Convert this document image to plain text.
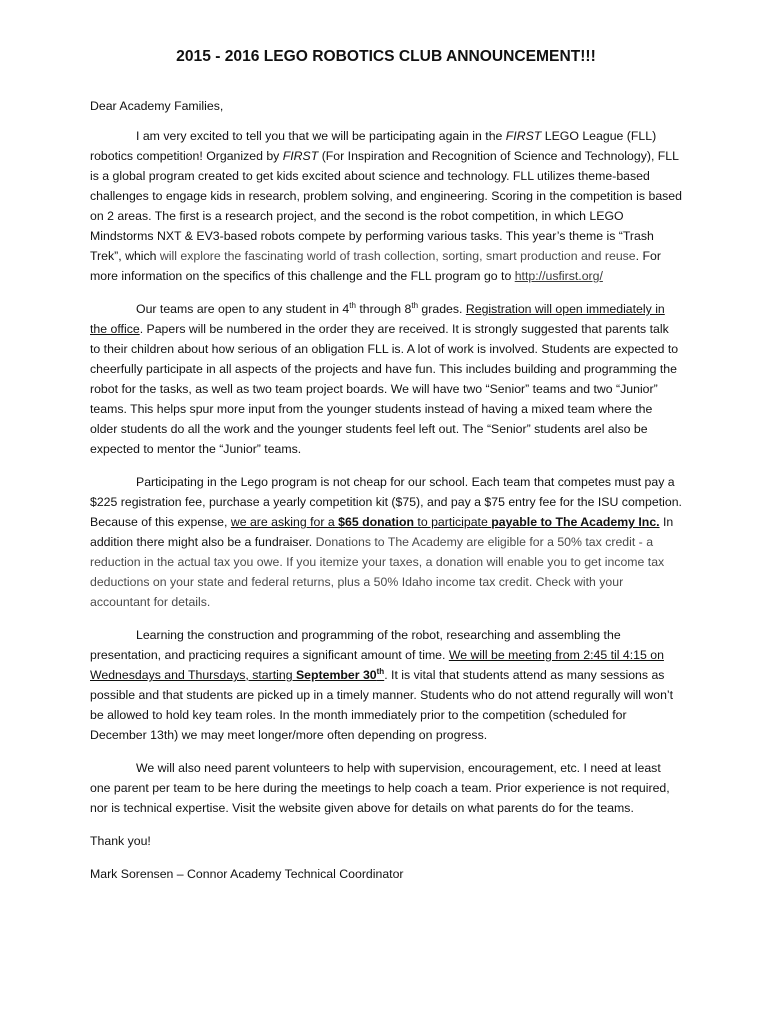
2015 - 2016 LEGO ROBOTICS CLUB ANNOUNCEMENT!!!

Dear Academy Families,

I am very excited to tell you that we will be participating again in the FIRST LEGO League (FLL) robotics competition! Organized by FIRST (For Inspiration and Recognition of Science and Technology), FLL is a global program created to get kids excited about science and technology. FLL utilizes theme-based challenges to engage kids in research, problem solving, and engineering. Scoring in the competition is based on 2 areas. The first is a research project, and the second is the robot competition, in which LEGO Mindstorms NXT & EV3-based robots compete by performing various tasks. This year’s theme is “Trash Trek”, which will explore the fascinating world of trash collection, sorting, smart production and reuse. For more information on the specifics of this challenge and the FLL program go to http://usfirst.org/

Our teams are open to any student in 4th through 8th grades. Registration will open immediately in the office. Papers will be numbered in the order they are received. It is strongly suggested that parents talk to their children about how serious of an obligation FLL is. A lot of work is involved. Students are expected to cheerfully participate in all aspects of the projects and have fun. This includes building and programming the robot for the tasks, as well as two team project boards. We will have two “Senior” teams and two “Junior” teams. This helps spur more input from the younger students instead of having a mixed team where the older students do all the work and the younger students feel left out. The “Senior” students arel also be expected to mentor the “Junior” teams.

Participating in the Lego program is not cheap for our school. Each team that competes must pay a $225 registration fee, purchase a yearly competition kit ($75), and pay a $75 entry fee for the ISU competion. Because of this expense, we are asking for a $65 donation to participate payable to The Academy Inc. In addition there might also be a fundraiser. Donations to The Academy are eligible for a 50% tax credit - a reduction in the actual tax you owe. If you itemize your taxes, a donation will enable you to get income tax deductions on your state and federal returns, plus a 50% Idaho income tax credit. Check with your accountant for details.

Learning the construction and programming of the robot, researching and assembling the presentation, and practicing requires a significant amount of time. We will be meeting from 2:45 til 4:15 on Wednesdays and Thursdays, starting September 30th. It is vital that students attend as many sessions as possible and that students are picked up in a timely manner. Students who do not attend regurally will won’t be allowed to hold key team roles. In the month immediately prior to the competition (scheduled for December 13th) we may meet longer/more often depending on progress.

We will also need parent volunteers to help with supervision, encouragement, etc. I need at least one parent per team to be here during the meetings to help coach a team. Prior experience is not required, nor is technical expertise. Visit the website given above for details on what parents do for the teams.

Thank you!

Mark Sorensen – Connor Academy Technical Coordinator
